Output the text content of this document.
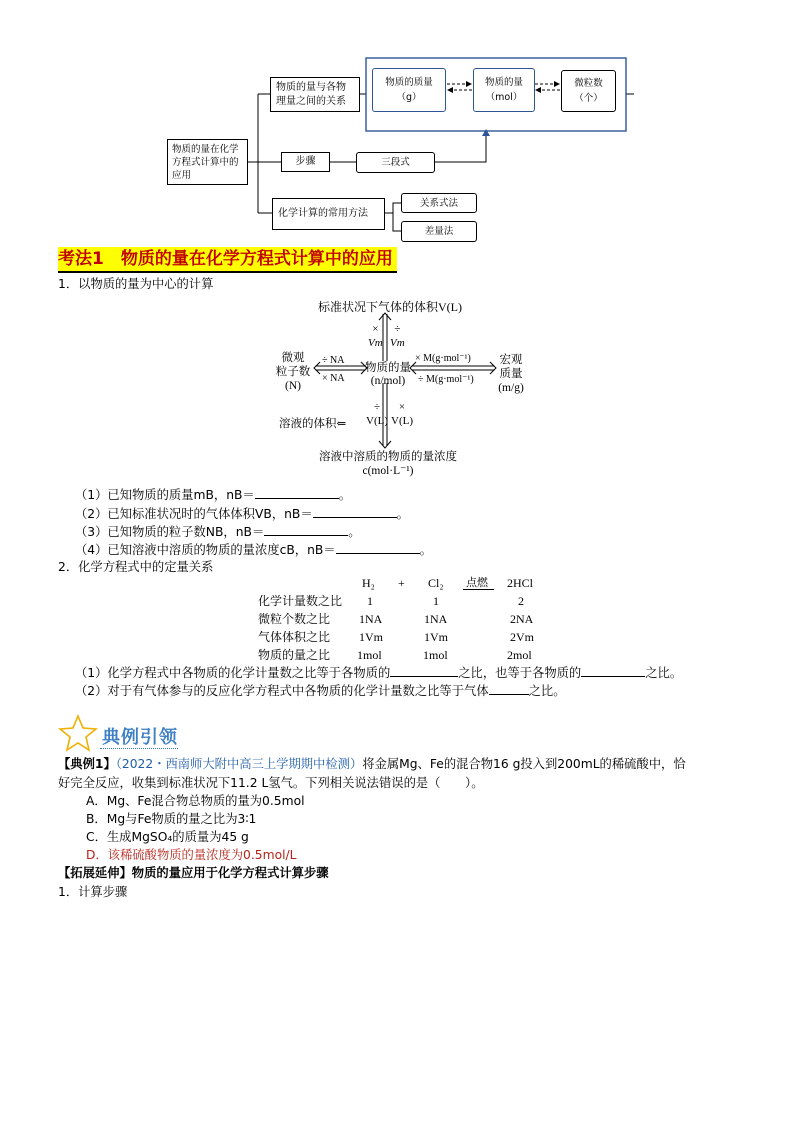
物质的量在化学方程式计算中的应用
物质的量与各物理量之间的关系
物质的质量
（g）
物质的量
（mol）
微粒数
（个）
步骤	三段式
化学计算的常用方法
关系式法
差量法
考法1　物质的量在化学方程式计算中的应用
1．以物质的量为中心的计算
标准状况下气体的体积V(L)
×
Vm
÷
Vm
微观
粒子数
(N)
÷ NA
× NA
物质的量
(n/mol)
× M(g·mol⁻¹)
÷ M(g·mol⁻¹)
宏观
质量
(m/g)
÷
V(L)
×
V(L)
溶液的体积⇐
溶液中溶质的物质的量浓度
c(mol·L⁻¹)
（1）已知物质的质量mB，nB＝	。
（2）已知标准状况时的气体体积VB，nB＝	。
（3）已知物质的粒子数NB，nB＝	。
（4）已知溶液中溶质的物质的量浓度cB，nB＝	。
2．化学方程式中的定量关系
H₂ + Cl₂ 点燃 2HCl
化学计量数之比 1	1	2
微粒个数之比 1NA	1NA	2NA
气体体积之比 1Vm	1Vm	2Vm
物质的量之比 1mol	1mol	2mol
（1）化学方程式中各物质的化学计量数之比等于各物质的	之比，也等于各物质的	之比。
（2）对于有气体参与的反应化学方程式中各物质的化学计量数之比等于气体	之比。
典例引领
【典例1】（2022・西南师大附中高三上学期期中检测）将金属Mg、Fe的混合物16 g投入到200mL的稀硫酸中，恰
好完全反应，收集到标准状况下11.2 L氢气。下列相关说法错误的是（　　）。
A．Mg、Fe混合物总物质的量为0.5mol
B．Mg与Fe物质的量之比为3∶1
C．生成MgSO₄的质量为45 g
D．该稀硫酸物质的量浓度为0.5mol/L
【拓展延伸】物质的量应用于化学方程式计算步骤
1．计算步骤
